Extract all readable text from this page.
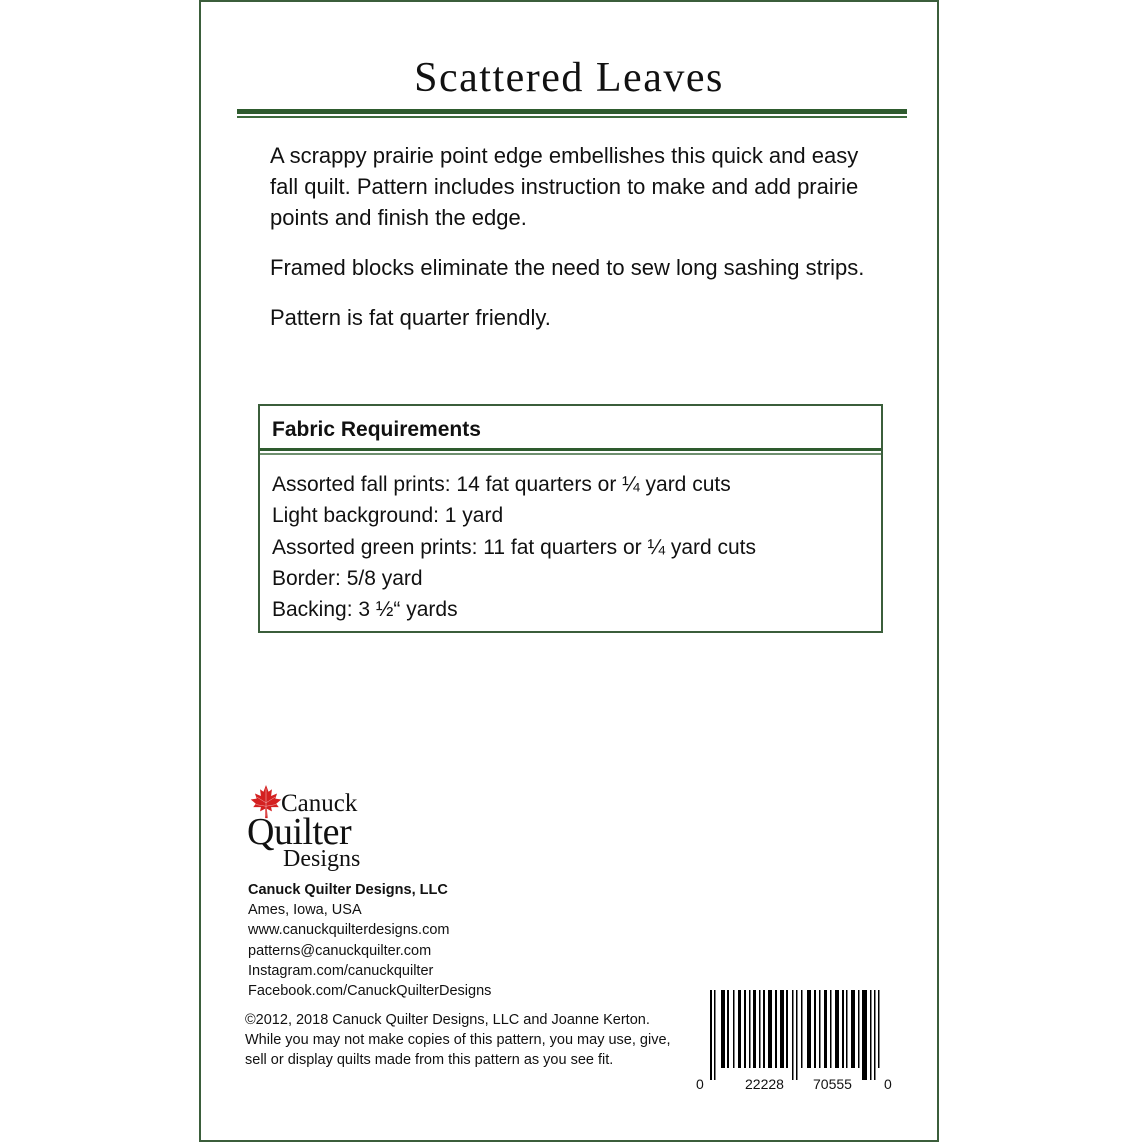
Scattered Leaves

A scrappy prairie point edge embellishes this quick and easy fall quilt. Pattern includes instruction to make and add prairie points and finish the edge.

Framed blocks eliminate the need to sew long sashing strips.

Pattern is fat quarter friendly.

Fabric Requirements
Assorted fall prints: 14 fat quarters or ¼ yard cuts
Light background: 1 yard
Assorted green prints: 11 fat quarters or ¼ yard cuts
Border: 5/8 yard
Backing: 3 ½“ yards
Canuck
Quilter
Designs
Canuck Quilter Designs, LLC
Ames, Iowa, USA
www.canuckquilterdesigns.com
patterns@canuckquilter.com
Instagram.com/canuckquilter
Facebook.com/CanuckQuilterDesigns
©2012, 2018 Canuck Quilter Designs, LLC and Joanne Kerton. While you may not make copies of this pattern, you may use, give, sell or display quilts made from this pattern as you see fit.
0	22228 70555 0
